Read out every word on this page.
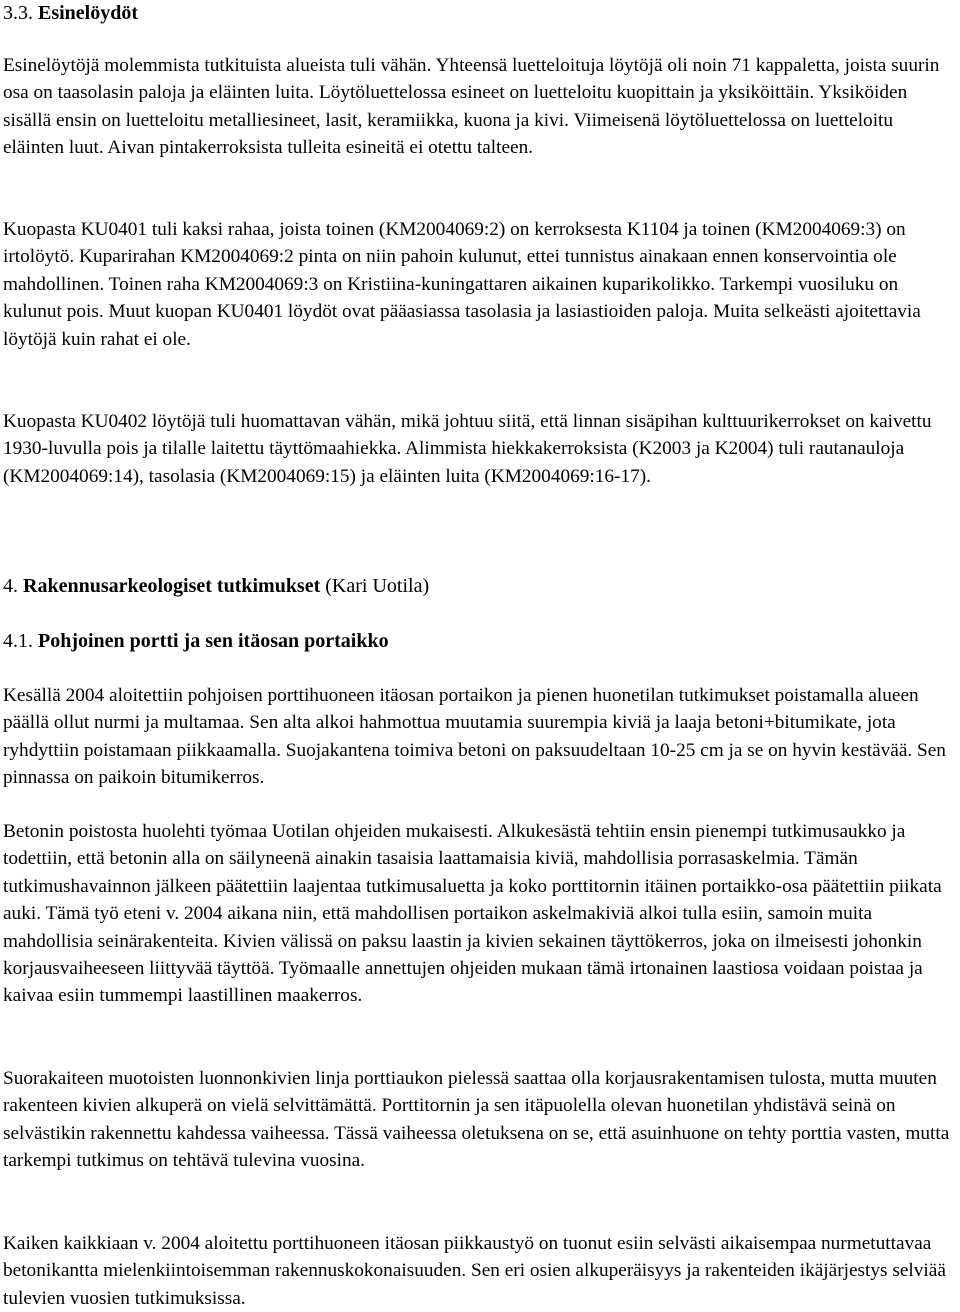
3.3. Esinelöydöt

Esinelöytöjä molemmista tutkituista alueista tuli vähän. Yhteensä luetteloituja löytöjä oli noin 71 kappaletta, joista suurin osa on taasolasin paloja ja eläinten luita. Löytöluettelossa esineet on luetteloitu kuopittain ja yksiköittäin. Yksiköiden sisällä ensin on luetteloitu metalliesineet, lasit, keramiikka, kuona ja kivi. Viimeisenä löytöluettelossa on luetteloitu eläinten luut. Aivan pintakerroksista tulleita esineitä ei otettu talteen.

Kuopasta KU0401 tuli kaksi rahaa, joista toinen (KM2004069:2) on kerroksesta K1104 ja toinen (KM2004069:3) on irtolöytö. Kuparirahan KM2004069:2 pinta on niin pahoin kulunut, ettei tunnistus ainakaan ennen konservointia ole mahdollinen. Toinen raha KM2004069:3 on Kristiina-kuningattaren aikainen kuparikolikko. Tarkempi vuosiluku on kulunut pois. Muut kuopan KU0401 löydöt ovat pääasiassa tasolasia ja lasiastioiden paloja. Muita selkeästi ajoitettavia löytöjä kuin rahat ei ole.

Kuopasta KU0402 löytöjä tuli huomattavan vähän, mikä johtuu siitä, että linnan sisäpihan kulttuurikerrokset on kaivettu 1930-luvulla pois ja tilalle laitettu täyttömaahiekka. Alimmista hiekkakerroksista (K2003 ja K2004) tuli rautanauloja (KM2004069:14), tasolasia (KM2004069:15) ja eläinten luita (KM2004069:16-17).

4. Rakennusarkeologiset tutkimukset (Kari Uotila)
4.1. Pohjoinen portti ja sen itäosan portaikko

Kesällä 2004 aloitettiin pohjoisen porttihuoneen itäosan portaikon ja pienen huonetilan tutkimukset poistamalla alueen päällä ollut nurmi ja multamaa. Sen alta alkoi hahmottua muutamia suurempia kiviä ja laaja betoni+bitumikate, jota ryhdyttiin poistamaan piikkaamalla. Suojakantena toimiva betoni on paksuudeltaan 10-25 cm ja se on hyvin kestävää. Sen pinnassa on paikoin bitumikerros.

Betonin poistosta huolehti työmaa Uotilan ohjeiden mukaisesti. Alkukesästä tehtiin ensin pienempi tutkimusaukko ja todettiin, että betonin alla on säilyneenä ainakin tasaisia laattamaisia kiviä, mahdollisia porrasaskelmia. Tämän tutkimushavainnon jälkeen päätettiin laajentaa tutkimusaluetta ja koko porttitornin itäinen portaikko-osa päätettiin piikata auki. Tämä työ eteni v. 2004 aikana niin, että mahdollisen portaikon askelmakiviä alkoi tulla esiin, samoin muita mahdollisia seinärakenteita. Kivien välissä on paksu laastin ja kivien sekainen täyttökerros, joka on ilmeisesti johonkin korjausvaiheeseen liittyvää täyttöä. Työmaalle annettujen ohjeiden mukaan tämä irtonainen laastiosa voidaan poistaa ja kaivaa esiin tummempi laastillinen maakerros.

Suorakaiteen muotoisten luonnonkivien linja porttiaukon pielessä saattaa olla korjausrakentamisen tulosta, mutta muuten rakenteen kivien alkuperä on vielä selvittämättä. Porttitornin ja sen itäpuolella olevan huonetilan yhdistävä seinä on selvästikin rakennettu kahdessa vaiheessa. Tässä vaiheessa oletuksena on se, että asuinhuone on tehty porttia vasten, mutta tarkempi tutkimus on tehtävä tulevina vuosina.

Kaiken kaikkiaan v. 2004 aloitettu porttihuoneen itäosan piikkaustyö on tuonut esiin selvästi aikaisempaa nurmetuttavaa betonikantta mielenkiintoisemman rakennuskokonaisuuden. Sen eri osien alkuperäisyys ja rakenteiden ikäjärjestys selviää tulevien vuosien tutkimuksissa.
